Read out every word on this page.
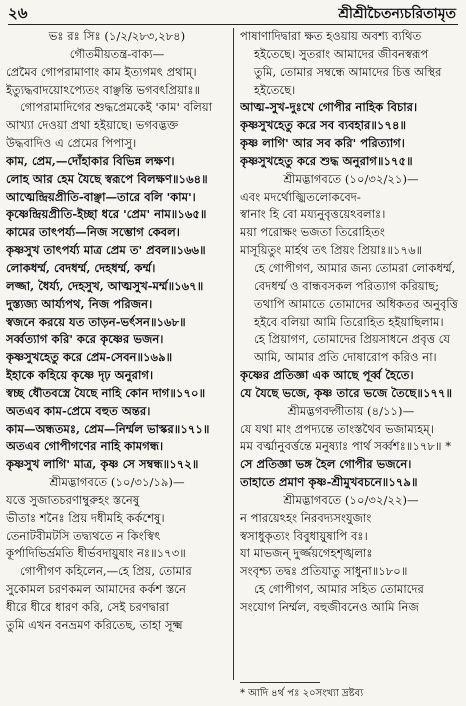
২৬	শ্রীশ্রীচৈতন্যচরিতামৃত
ভঃ রঃ সিঃ (১/২/২৮৩,২৮৪)
গৌতমীয়তন্ত্র-বাক্য—
প্রেমৈব গোপরামাণাং কাম ইত্যগমৎ প্রথাম্।
ইত্যুদ্ধবাদয়োঽপ্যেতং বাঞ্ছন্তি ভগবৎপ্রিয়াঃ॥
গোপরামাদিগের শুদ্ধপ্রেমকেই 'কাম' বলিয়া
আখ্যা দেওয়া প্রথা হইয়াছে। ভগবদ্ভক্ত
উদ্ধবাদিও এ প্রেমের পিপাসু।
কাম, প্রেম,—দোঁহাকার বিভিন্ন লক্ষণ।
লোহ আর হেম যৈছে স্বরূপে বিলক্ষণ॥১৬৪॥
আত্মেন্দ্রিয়প্রীতি-বাঞ্ছা—তারে বলি 'কাম'।
কৃষ্ণেন্দ্রিয়প্রীতি-ইচ্ছা ধরে 'প্রেম' নাম॥১৬৫॥
কামের তাৎপর্য্য—নিজ সম্ভোগ কেবল।
কৃষ্ণসুখ তাৎপর্য্য মাত্র প্রেম ত' প্রবল॥১৬৬॥
লোকধর্ম্ম, বেদধর্ম্ম, দেহধর্ম্ম, কর্ম্ম।
লজ্জা, ধৈর্য্য, দেহসুখ, আত্মসুখ-মর্ম্ম॥১৬৭॥
দুস্ত্যজ্য আর্য্যপথ, নিজ পরিজন।
স্বজনে করয়ে যত তাড়ন-ভর্ৎসন॥১৬৮॥
সর্ব্বত্যাগ করি' করে কৃষ্ণের ভজন।
কৃষ্ণসুখহেতু করে প্রেম-সেবন॥১৬৯॥
ইহাকে কহিয়ে কৃষ্ণে দৃঢ় অনুরাগ।
স্বচ্ছ ধৌতবস্ত্রে যৈছে নাহি কোন দাগ॥১৭০॥
অতএব কাম-প্রেমে বহুত অন্তর।
কাম—অন্ধতমঃ, প্রেম—নির্ম্মল ভাস্কর॥১৭১॥
অতএব গোপীগণের নাহি কামগন্ধ।
কৃষ্ণসুখ লাগি' মাত্র, কৃষ্ণ সে সম্বন্ধ॥১৭২॥
শ্রীমদ্ভাগবতে (১০/৩১/১৯)—
যত্তে সুজাতচরণাম্বুরুহং স্তনেষু
ভীতাঃ শনৈঃ প্রিয় দধীমহি কর্কশেষু।
তেনাটবীমটসি তদ্ব্যথতে ন কিংস্বিৎ
কূর্পাদিভির্ভ্রমতি ধীর্ভবদায়ুষাং নঃ॥১৭৩॥
গোপীগণ কহিলেন,—হে প্রিয়, তোমার
সুকোমল চরণকমল আমাদের কর্কশ স্তনে
ধীরে ধীরে ধারণ করি, সেই চরণদ্বারা
তুমি এখন বনভ্রমণ করিতেছ, তাহা সূক্ষ্ম
পাষাণাদিদ্বারা ক্ষত হওয়ায় অবশ্য ব্যথিত
হইতেছে। সুতরাং আমাদের জীবনস্বরূপ
তুমি, তোমার সম্বন্ধে আমাদের চিত্ত অস্থির
হইতেছে।
আত্ম-সুখ-দুঃখে গোপীর নাহিক বিচার।
কৃষ্ণসুখহেতু করে সব ব্যবহার॥১৭৪॥
কৃষ্ণ লাগি' আর সব করি' পরিত্যাগ।
কৃষ্ণসুখহেতু করে শুদ্ধ অনুরাগ॥১৭৫॥
শ্রীমদ্ভাগবতে (১০/৩২/২১)—
এবং মদর্থোজ্ঝিতলোকবেদ-
স্বানাং হি বো ময্যনুবৃত্তয়েঽবলাঃ।
ময়া পরোক্ষং ভজতা তিরোহিতং
মাসূয়িতুং মার্হথ তৎ প্রিয়ং প্রিয়াঃ॥১৭৬॥
হে গোপীগণ, আমার জন্য তোমরা লোকধর্ম্ম,
বেদধর্ম্ম ও বান্ধবসকল পরিত্যাগ করিয়াছ;
তথাপি আমাতে তোমাদের অধিকতর অনুবৃত্তি
হইবে বলিয়া আমি তিরোহিত হইয়াছিলাম।
হে প্রিয়াগণ, তোমাদের প্রিয়সাধনে প্রবৃত্ত যে
আমি, আমার প্রতি দোষারোপ করিও না।
কৃষ্ণের প্রতিজ্ঞা এক আছে পূর্ব্ব হৈতে।
যে যৈছে ভজে, কৃষ্ণ তারে ভজে তৈছে॥১৭৭॥
শ্রীমদ্ভগবদ্গীতায় (৪/১১)—
যে যথা মাং প্রপদ্যন্তে তাংস্তথৈব ভজাম্যহম্।
মম বর্ত্মানুবর্ত্তন্তে মনুষ্যাঃ পার্থ সর্ব্বশঃ॥১৭৮॥ *
সে প্রতিজ্ঞা ভঙ্গ হৈল গোপীর ভজনে।
তাহাতে প্রমাণ কৃষ্ণ-শ্রীমুখবচনে॥১৭৯॥
শ্রীমদ্ভাগবতে (১০/৩২/২২)—
ন পারয়েঽহং নিরবদ্যসংযুজাং
স্বসাধুকৃত্যং বিবুধায়ুষাপি বঃ।
যা মাভজন্ দুর্জ্জয়গেহশৃঙ্খলাঃ
সংবৃশ্চ্য তদ্বঃ প্রতিযাতু সাধুনা॥১৮০॥
হে গোপীগণ, আমার সহিত তোমাদের
সংযোগ নির্ম্মল, বহুজীবনেও আমি নিজ
* আদি ৪র্থ পঃ ২০সংখ্যা দ্রষ্টব্য
